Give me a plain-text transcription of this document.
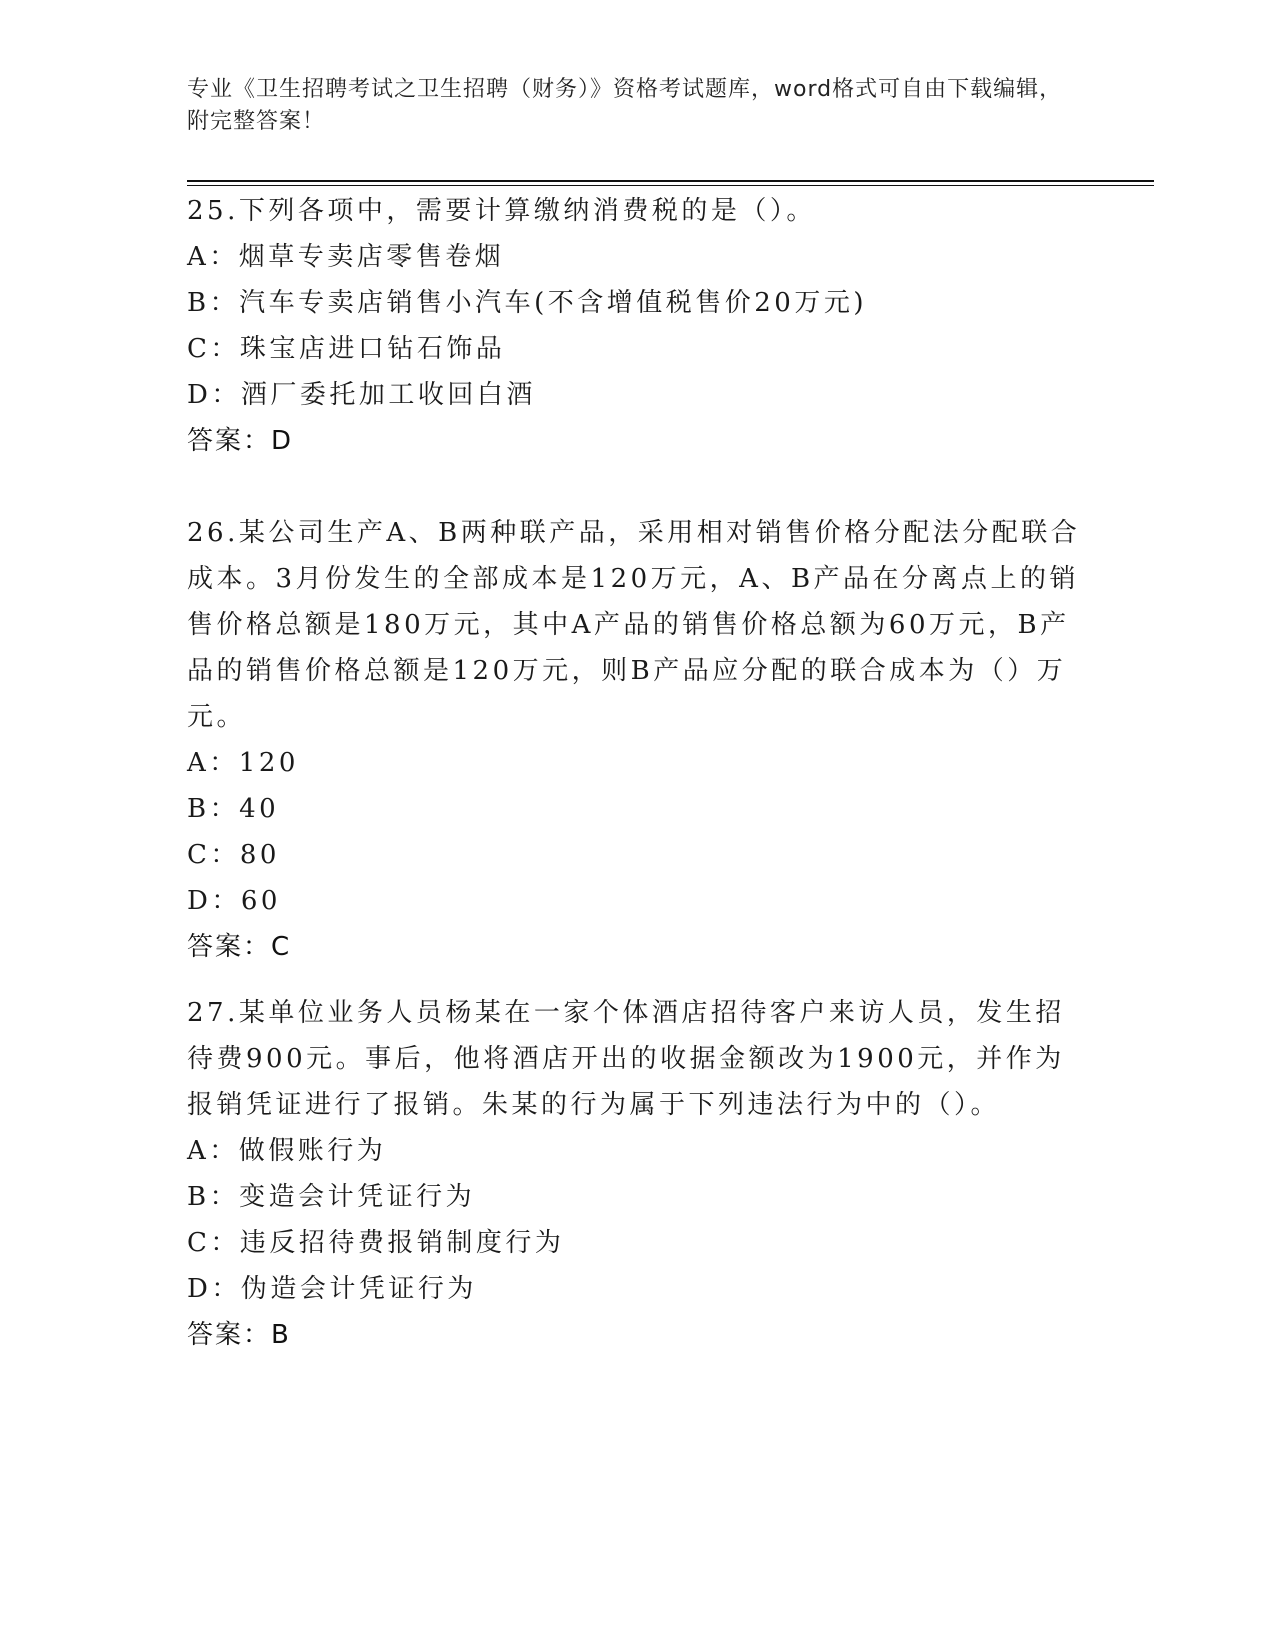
专业《卫生招聘考试之卫生招聘（财务）》资格考试题库，word格式可自由下载编辑，附完整答案！

25.下列各项中，需要计算缴纳消费税的是（）。

A：烟草专卖店零售卷烟

B：汽车专卖店销售小汽车(不含增值税售价20万元)

C：珠宝店进口钻石饰品

D：酒厂委托加工收回白酒

答案：D

26.某公司生产A、B两种联产品，采用相对销售价格分配法分配联合成本。3月份发生的全部成本是120万元，A、B产品在分离点上的销售价格总额是180万元，其中A产品的销售价格总额为60万元，B产品的销售价格总额是120万元，则B产品应分配的联合成本为（）万元。

A：120

B：40

C：80

D：60

答案：C

27.某单位业务人员杨某在一家个体酒店招待客户来访人员，发生招待费900元。事后，他将酒店开出的收据金额改为1900元，并作为报销凭证进行了报销。朱某的行为属于下列违法行为中的（）。

A：做假账行为

B：变造会计凭证行为

C：违反招待费报销制度行为

D：伪造会计凭证行为

答案：B
